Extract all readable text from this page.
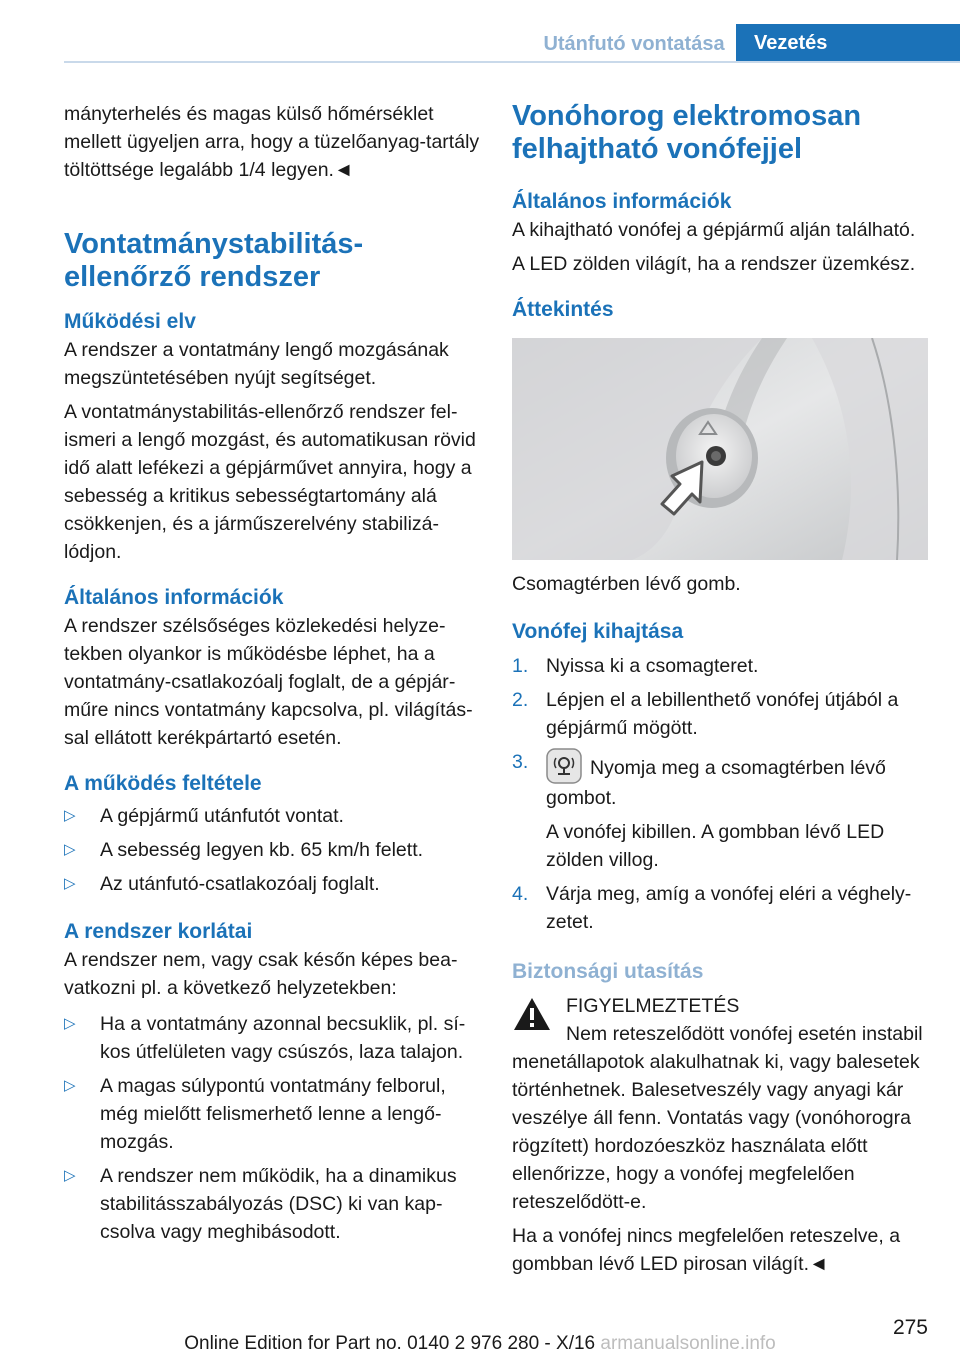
Utánfutó vontatása	Vezetés

mányterhelés és magas külső hőmérséklet mellett ügyeljen arra, hogy a tüzelőanyag-tartály töltöttsége legalább 1/4 legyen.◄

Vontatmánystabilitás-ellenőrző rendszer
Működési elv

A rendszer a vontatmány lengő mozgásának megszüntetésében nyújt segítséget.

A vontatmánystabilitás-ellenőrző rendszer felismeri a lengő mozgást, és automatikusan rövid idő alatt lefékezi a gépjárművet annyira, hogy a sebesség a kritikus sebességtartomány alá csökkenjen, és a járműszerelvény stabilizálódjon.

Általános információk

A rendszer szélsőséges közlekedési helyzetekben olyankor is működésbe léphet, ha a vontatmány-csatlakozóalj foglalt, de a gépjárműre nincs vontatmány kapcsolva, pl. világítással ellátott kerékpártartó esetén.

A működés feltétele
▷ A gépjármű utánfutót vontat.
▷ A sebesség legyen kb. 65 km/h felett.
▷ Az utánfutó-csatlakozóalj foglalt.
A rendszer korlátai

A rendszer nem, vagy csak későn képes beavatkozni pl. a következő helyzetekben:

▷ Ha a vontatmány azonnal becsuklik, pl. síkos útfelületen vagy csúszós, laza talajon.
▷ A magas súlypontú vontatmány felborul, még mielőtt felismerhető lenne a lengőmozgás.
▷ A rendszer nem működik, ha a dinamikus stabilitásszabályozás (DSC) ki van kapcsolva vagy meghibásodott.
Vonóhorog elektromosan felhajtható vonófejjel
Általános információk

A kihajtható vonófej a gépjármű alján található.

A LED zölden világít, ha a rendszer üzemkész.

Áttekintés

Csomagtérben lévő gomb.

Vonófej kihajtása
1. Nyissa ki a csomagteret.
2. Lépjen el a lebillenthető vonófej útjából a gépjármű mögött.
3.	Nyomja meg a csomagtérben lévő gombot.
A vonófej kibillen. A gombban lévő LED zölden villog.
4. Várja meg, amíg a vonófej eléri a véghelyzetet.
Biztonsági utasítás

FIGYELMEZTETÉS

Nem reteszelődött vonófej esetén instabil menetállapotok alakulhatnak ki, vagy balesetek történhetnek. Balesetveszély vagy anyagi kár veszélye áll fenn. Vontatás vagy (vonóhorogra rögzített) hordozóeszköz használata előtt ellenőrizze, hogy a vonófej megfelelően reteszelődött-e.

Ha a vonófej nincs megfelelően reteszelve, a gombban lévő LED pirosan világít.◄

275
Online Edition for Part no. 0140 2 976 280 - X/16 armanualsonline.info
